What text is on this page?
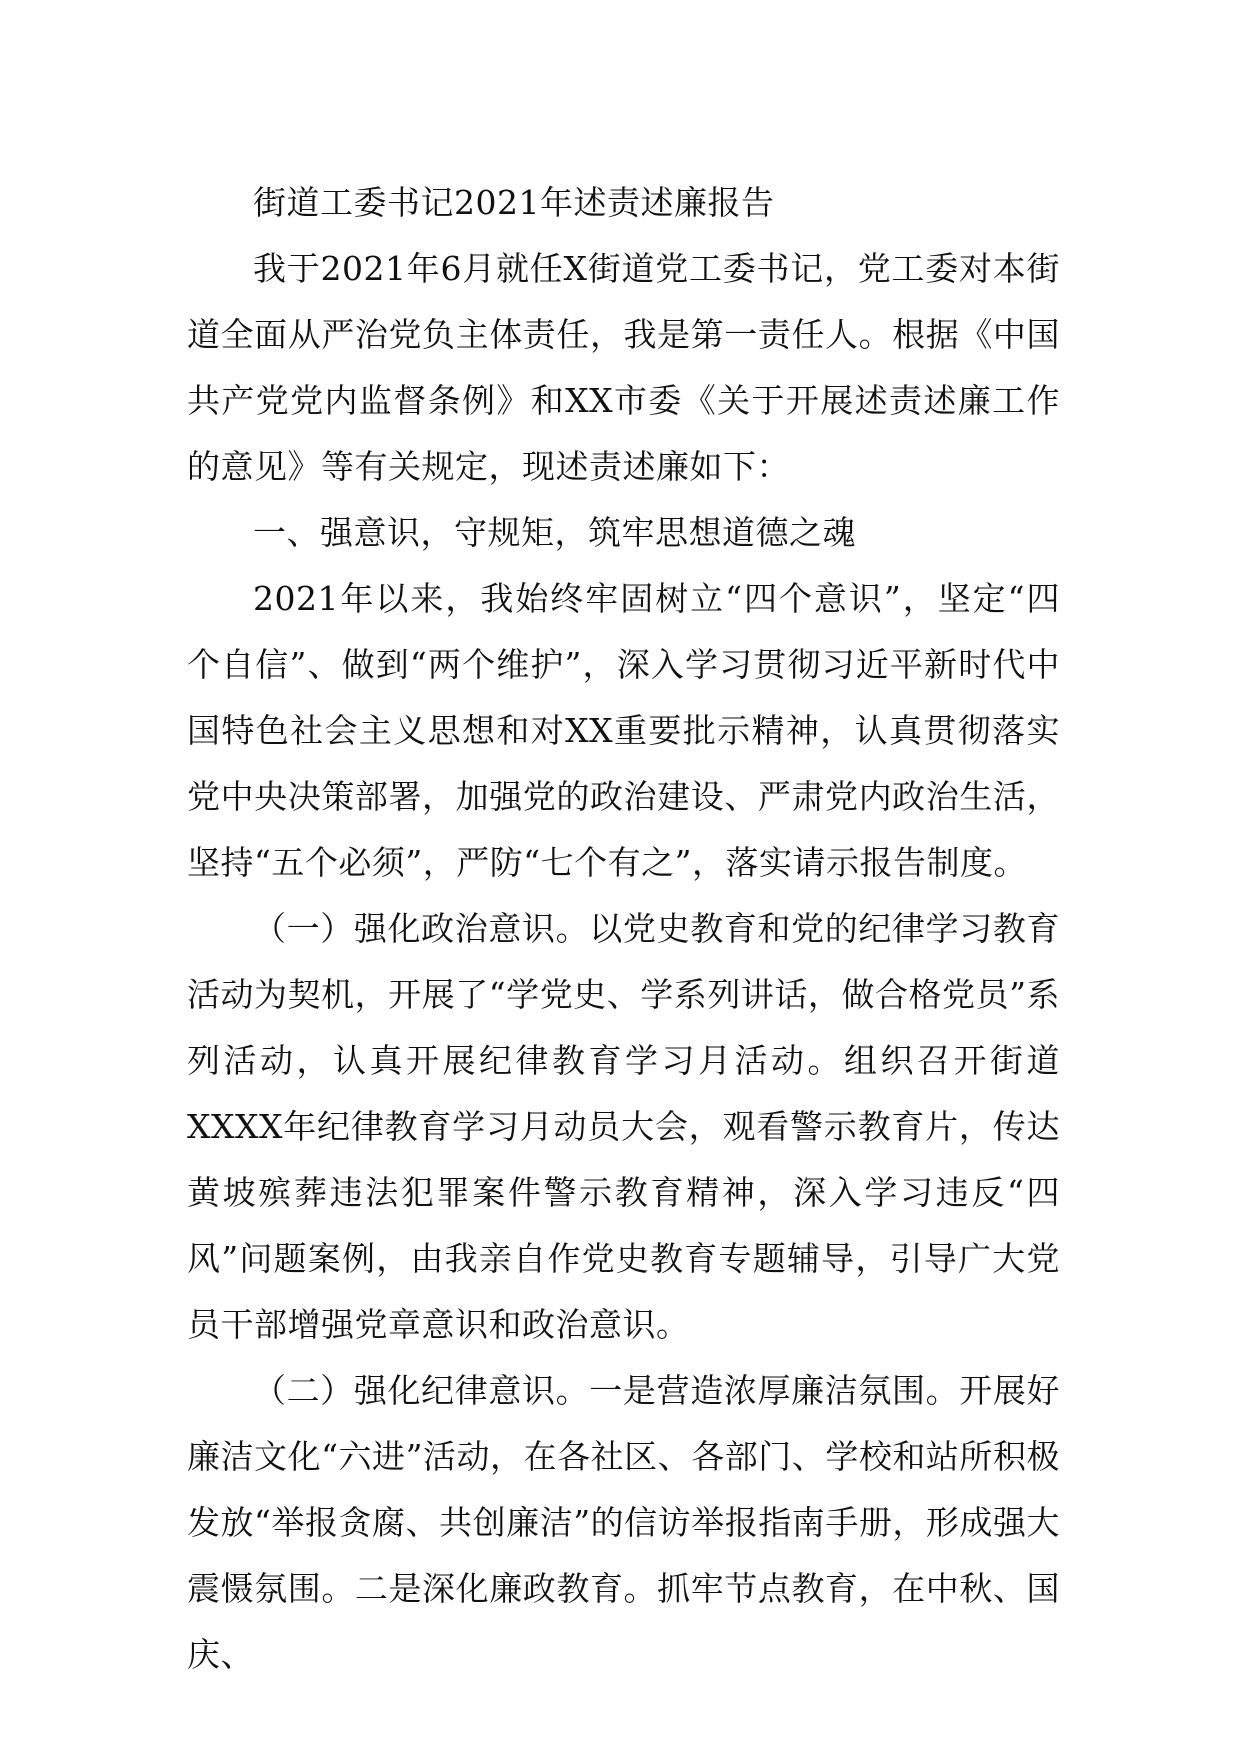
街道工委书记2021年述责述廉报告

我于2021年6月就任X街道党工委书记，党工委对本街道全面从严治党负主体责任，我是第一责任人。根据《中国共产党党内监督条例》和XX市委《关于开展述责述廉工作的意见》等有关规定，现述责述廉如下：

一、强意识，守规矩，筑牢思想道德之魂

2021年以来，我始终牢固树立“四个意识”，坚定“四个自信”、做到“两个维护”，深入学习贯彻习近平新时代中国特色社会主义思想和对XX重要批示精神，认真贯彻落实党中央决策部署，加强党的政治建设、严肃党内政治生活，坚持“五个必须”，严防“七个有之”，落实请示报告制度。

（一）强化政治意识。以党史教育和党的纪律学习教育活动为契机，开展了“学党史、学系列讲话，做合格党员”系列活动，认真开展纪律教育学习月活动。组织召开街道XXXX年纪律教育学习月动员大会，观看警示教育片，传达黄坡殡葬违法犯罪案件警示教育精神，深入学习违反“四风”问题案例，由我亲自作党史教育专题辅导，引导广大党员干部增强党章意识和政治意识。

（二）强化纪律意识。一是营造浓厚廉洁氛围。开展好廉洁文化“六进”活动，在各社区、各部门、学校和站所积极发放“举报贪腐、共创廉洁”的信访举报指南手册，形成强大震慑氛围。二是深化廉政教育。抓牢节点教育，在中秋、国庆、
